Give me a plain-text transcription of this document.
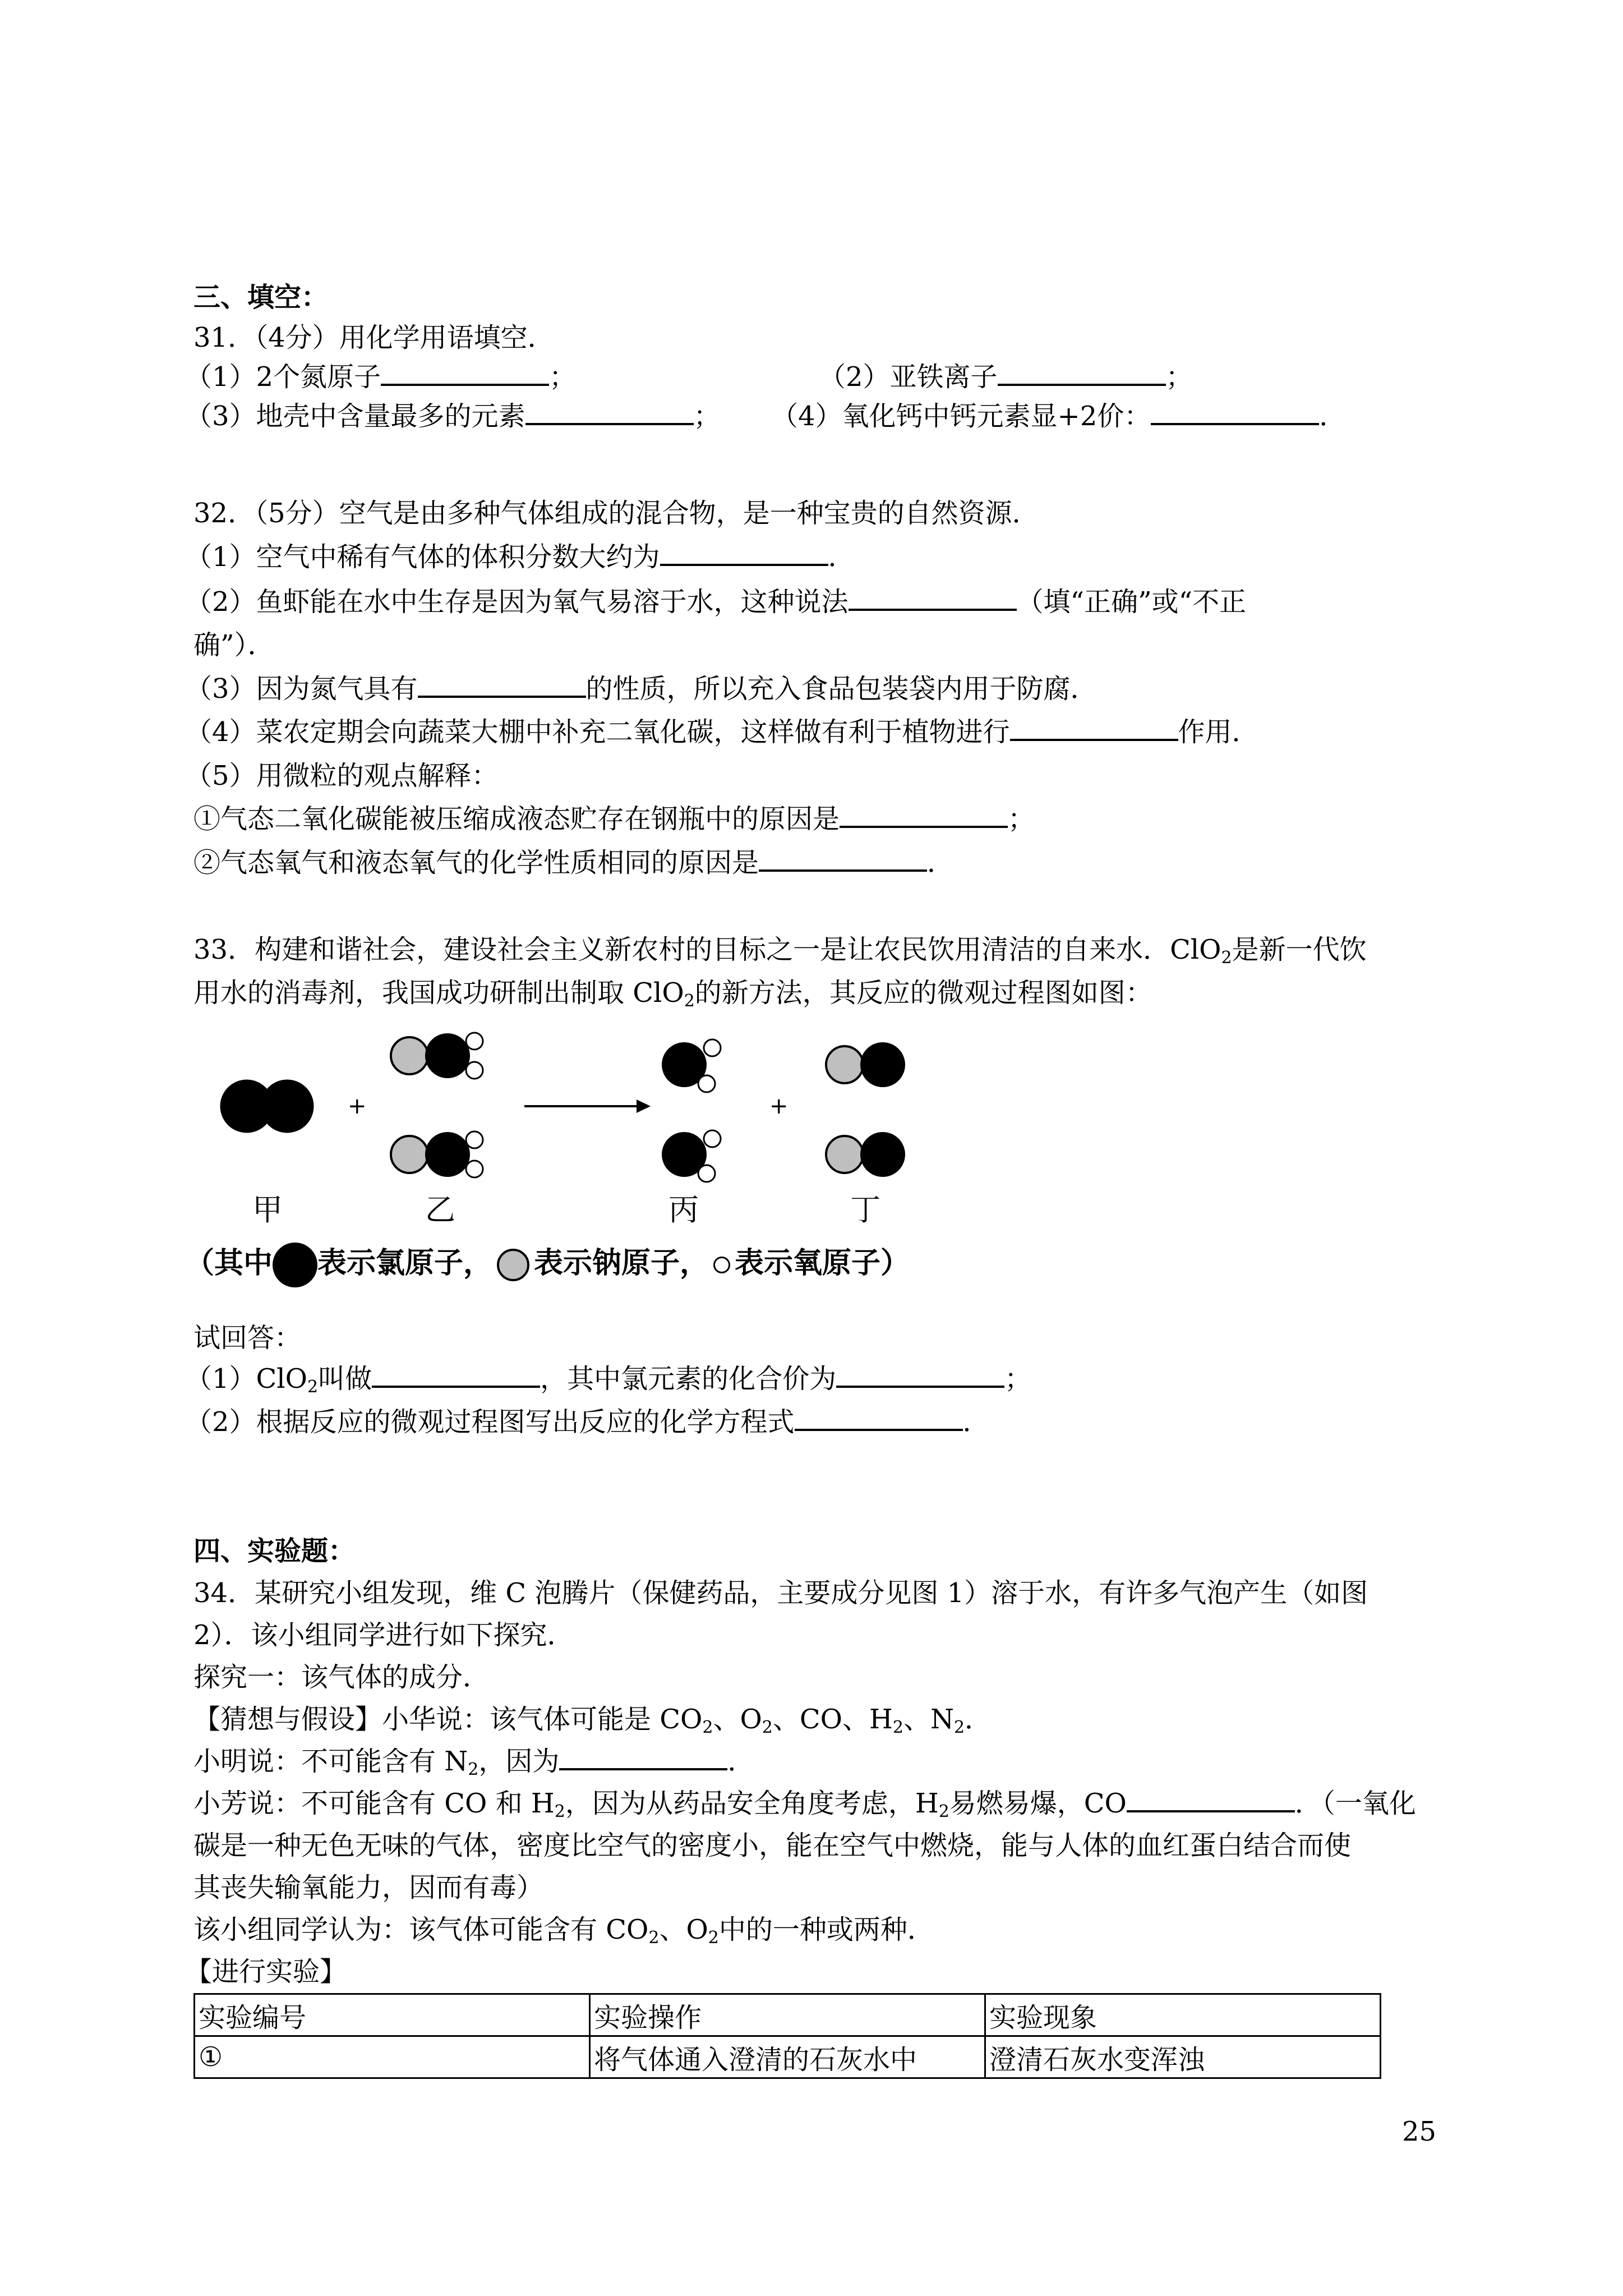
三、填空：
31．（4分）用化学用语填空．
（1）2个氮原子	；	（2）亚铁离子	；
（3）地壳中含量最多的元素	； （4）氧化钙中钙元素显+2价：	．
32．（5分）空气是由多种气体组成的混合物，是一种宝贵的自然资源．
（1）空气中稀有气体的体积分数大约为	．
（2）鱼虾能在水中生存是因为氧气易溶于水，这种说法	（填“正确”或“不正
确”）．
（3）因为氮气具有	的性质，所以充入食品包装袋内用于防腐．
（4）菜农定期会向蔬菜大棚中补充二氧化碳，这样做有利于植物进行	作用．
（5）用微粒的观点解释：
①气态二氧化碳能被压缩成液态贮存在钢瓶中的原因是	；
②气态氧气和液态氧气的化学性质相同的原因是	．
33．构建和谐社会，建设社会主义新农村的目标之一是让农民饮用清洁的自来水．ClO$_2$是新一代饮
用水的消毒剂，我国成功研制出制取 ClO$_2$的新方法，其反应的微观过程图如图：
+	+
甲	乙	丙	丁
（其中 表示氯原子， 表示钠原子， 表示氧原子）
试回答：
（1）ClO$_2$叫做	，其中氯元素的化合价为	；
（2）根据反应的微观过程图写出反应的化学方程式	．
四、实验题：
34．某研究小组发现，维 C 泡腾片（保健药品，主要成分见图 1）溶于水，有许多气泡产生（如图
2）．该小组同学进行如下探究．
探究一：该气体的成分．
【猜想与假设】小华说：该气体可能是 $CO_2$、$O_2$、CO、$H_2$、$N_2$．
小明说：不可能含有 $N_2$，因为	．
小芳说：不可能含有 CO 和 $H_2$，因为从药品安全角度考虑，$H_2$易燃易爆，CO	．（一氧化
碳是一种无色无味的气体，密度比空气的密度小，能在空气中燃烧，能与人体的血红蛋白结合而使
其丧失输氧能力，因而有毒）
该小组同学认为：该气体可能含有 $CO_2$、$O_2$中的一种或两种．
【进行实验】
实验编号	实验操作	实验现象
①	将气体通入澄清的石灰水中	澄清石灰水变浑浊
25
